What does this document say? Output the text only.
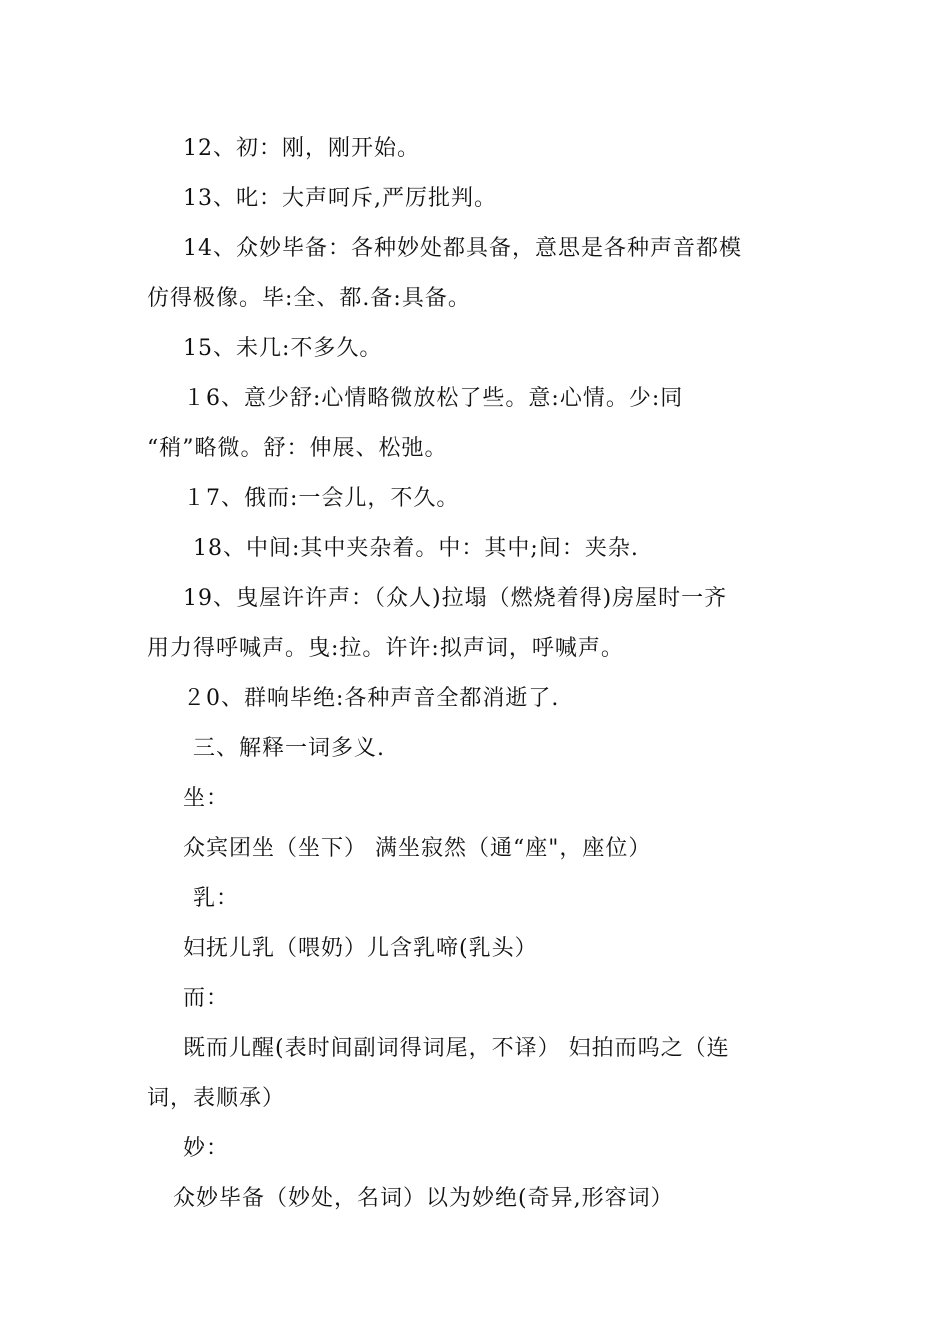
12、初：刚，刚开始。
13、叱：大声呵斥,严厉批判。
14、众妙毕备：各种妙处都具备，意思是各种声音都模
仿得极像。毕:全、都.备:具备。
15、未几:不多久。
１6、意少舒:心情略微放松了些。意:心情。少:同
“稍”略微。舒：伸展、松弛。
１7、俄而:一会儿，不久。
18、中间:其中夹杂着。中：其中;间：夹杂.
19、曳屋许许声：（众人)拉塌（燃烧着得)房屋时一齐
用力得呼喊声。曳:拉。许许:拟声词，呼喊声。
２0、群响毕绝:各种声音全都消逝了.
三、解释一词多义.
坐：
众宾团坐（坐下） 满坐寂然（通“座"，座位）
乳：
妇抚儿乳（喂奶）儿含乳啼(乳头）
而：
既而儿醒(表时间副词得词尾，不译） 妇拍而呜之（连
词，表顺承）
妙：
众妙毕备（妙处，名词）以为妙绝(奇异,形容词）
